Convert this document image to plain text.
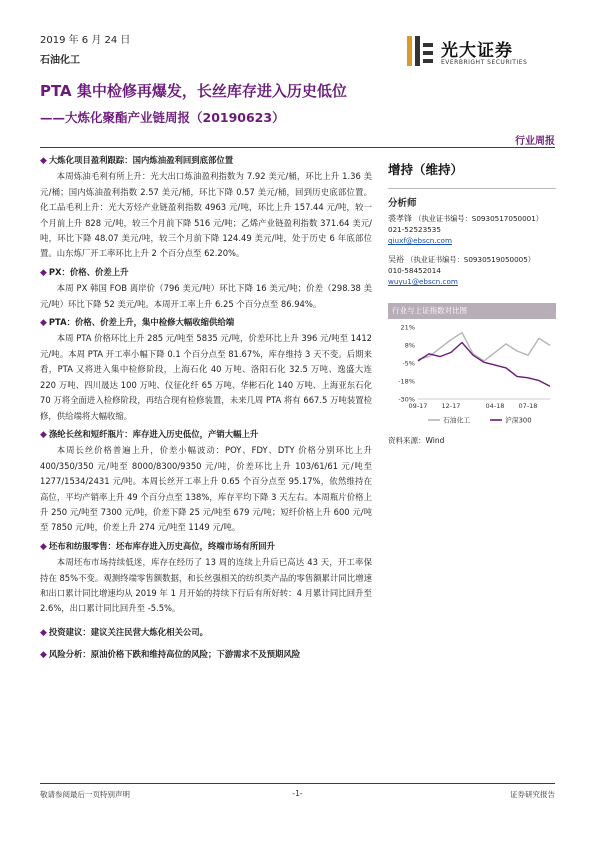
2019 年 6 月 24 日
石油化工	光大证券
EVERBRIGHT SECURITIES
PTA 集中检修再爆发，长丝库存进入历史低位
——大炼化聚酯产业链周报（20190623）
行业周报

◆ 大炼化项目盈利跟踪：国内炼油盈利回到底部位置

本周炼油毛利有所上升：光大出口炼油盈利指数为 7.92 美元/桶，环比上升 1.36 美元/桶；国内炼油盈利指数 2.57 美元/桶，环比下降 0.57 美元/桶，回到历史底部位置。化工品毛利上升：光大芳烃产业链盈利指数 4963 元/吨，环比上升 157.44 元/吨，较一个月前上升 828 元/吨，较三个月前下降 516 元/吨；乙烯产业链盈利指数 371.64 美元/吨，环比下降 48.07 美元/吨，较三个月前下降 124.49 美元/吨，处于历史 6 年底部位置。山东炼厂开工率环比上升 2 个百分点至 62.20%。

◆ PX：价格、价差上升

本周 PX 韩国 FOB 离岸价（796 美元/吨）环比下降 16 美元/吨；价差（298.38 美元/吨）环比下降 52 美元/吨。本周开工率上升 6.25 个百分点至 86.94%。

◆ PTA：价格、价差上升，集中检修大幅收缩供给端

本周 PTA 价格环比上升 285 元/吨至 5835 元/吨，价差环比上升 396 元/吨至 1412 元/吨。本周 PTA 开工率小幅下降 0.1 个百分点至 81.67%，库存维持 3 天不变。后期来看，PTA 又将进入集中检修阶段，上海石化 40 万吨、洛阳石化 32.5 万吨、逸盛大连 220 万吨、四川晟达 100 万吨、仪征化纤 65 万吨、华彬石化 140 万吨、上海亚东石化 70 万将全面进入检修阶段，再结合现有检修装置，未来几周 PTA 将有 667.5 万吨装置检修，供给端将大幅收缩。

◆ 涤纶长丝和短纤瓶片：库存进入历史低位，产销大幅上升

本周长丝价格普遍上升，价差小幅波动：POY、FDY、DTY 价格分别环比上升 400/350/350 元/吨至 8000/8300/9350 元/吨，价差环比上升 103/61/61 元/吨至 1277/1534/2431 元/吨。本周长丝开工率上升 0.65 个百分点至 95.17%，依然维持在高位，平均产销率上升 49 个百分点至 138%，库存平均下降 3 天左右。本周瓶片价格上升 250 元/吨至 7300 元/吨，价差下降 25 元/吨至 679 元/吨；短纤价格上升 600 元/吨至 7850 元/吨，价差上升 274 元/吨至 1149 元/吨。

◆ 坯布和纺服零售：坯布库存进入历史高位，终端市场有所回升

本周坯布市场持续低迷，库存在经历了 13 周的连续上升后已高达 43 天，开工率保持在 85%不变。观测终端零售额数据，和长丝强相关的纺织类产品的零售额累计同比增速和出口累计同比增速均从 2019 年 1 月开始的持续下行后有所好转：4 月累计同比回升至 2.6%，出口累计同比回升至 -5.5%。

◆ 投资建议：建议关注民营大炼化相关公司。

◆ 风险分析：原油价格下跌和维持高位的风险；下游需求不及预期风险

增持（维持）
分析师
裘孝锋 （执业证书编号：S0930517050001）
021-52523535
qiuxf@ebscn.com
吴裕 （执业证书编号：S0930519050005）
010-58452014
wuyu1@ebscn.com
行业与上证指数对比图
21%
8%
-5%
-18%
-30%
09-17 12-17	04-18 07-18
石油化工	沪深300
资料来源：Wind
敬请参阅最后一页特别声明	-1-	证券研究报告
